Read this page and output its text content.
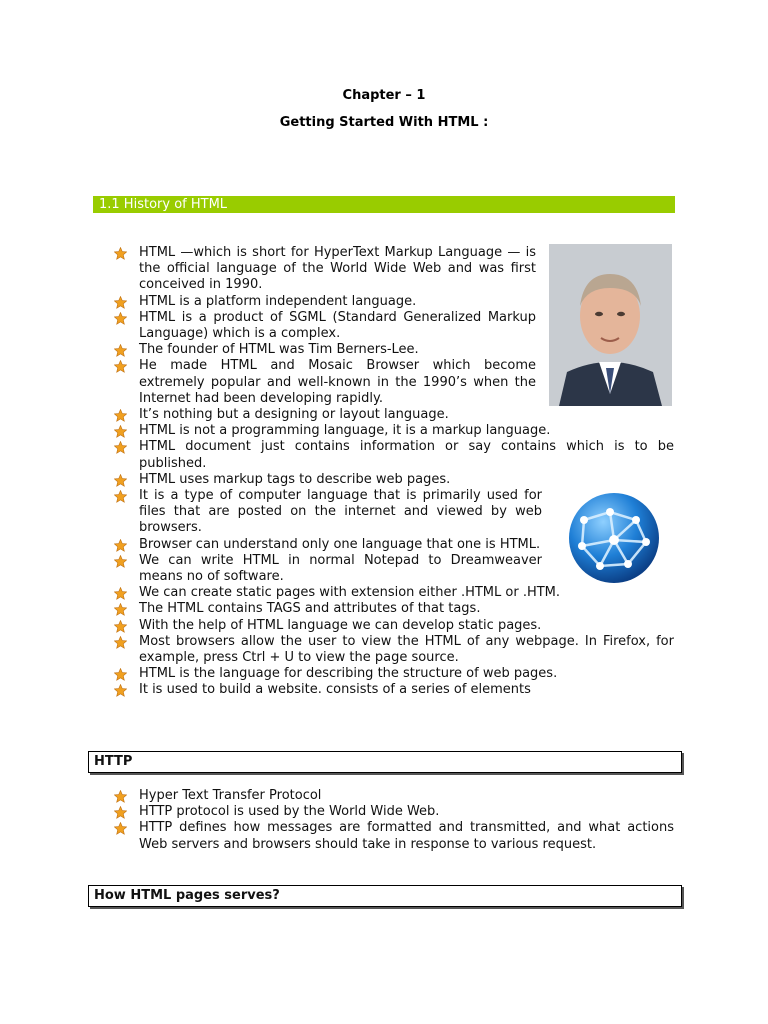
Chapter – 1
Getting Started With HTML :
1.1 History of HTML
HTML —which is short for HyperText Markup Language — is the official language of the World Wide Web and was first conceived in 1990.
HTML is a platform independent language.
HTML is a product of SGML (Standard Generalized Markup Language) which is a complex.
The founder of HTML was Tim Berners-Lee.
He made HTML and Mosaic Browser which become extremely popular and well-known in the 1990’s when the Internet had been developing rapidly.
It’s nothing but a designing or layout language.
HTML is not a programming language, it is a markup language.
HTML document just contains information or say contains which is to be published.
HTML uses markup tags to describe web pages.
It is a type of computer language that is primarily used for files that are posted on the internet and viewed by web browsers.
Browser can understand only one language that one is HTML.
We can write HTML in normal Notepad to Dreamweaver means no of software.
We can create static pages with extension either .HTML or .HTM.
The HTML contains TAGS and attributes of that tags.
With the help of HTML language we can develop static pages.
Most browsers allow the user to view the HTML of any webpage. In Firefox, for example, press Ctrl + U to view the page source.
HTML is the language for describing the structure of web pages.
It is used to build a website. consists of a series of elements
HTTP
Hyper Text Transfer Protocol
HTTP protocol is used by the World Wide Web.
HTTP defines how messages are formatted and transmitted, and what actions Web servers and browsers should take in response to various request.
How HTML pages serves?
